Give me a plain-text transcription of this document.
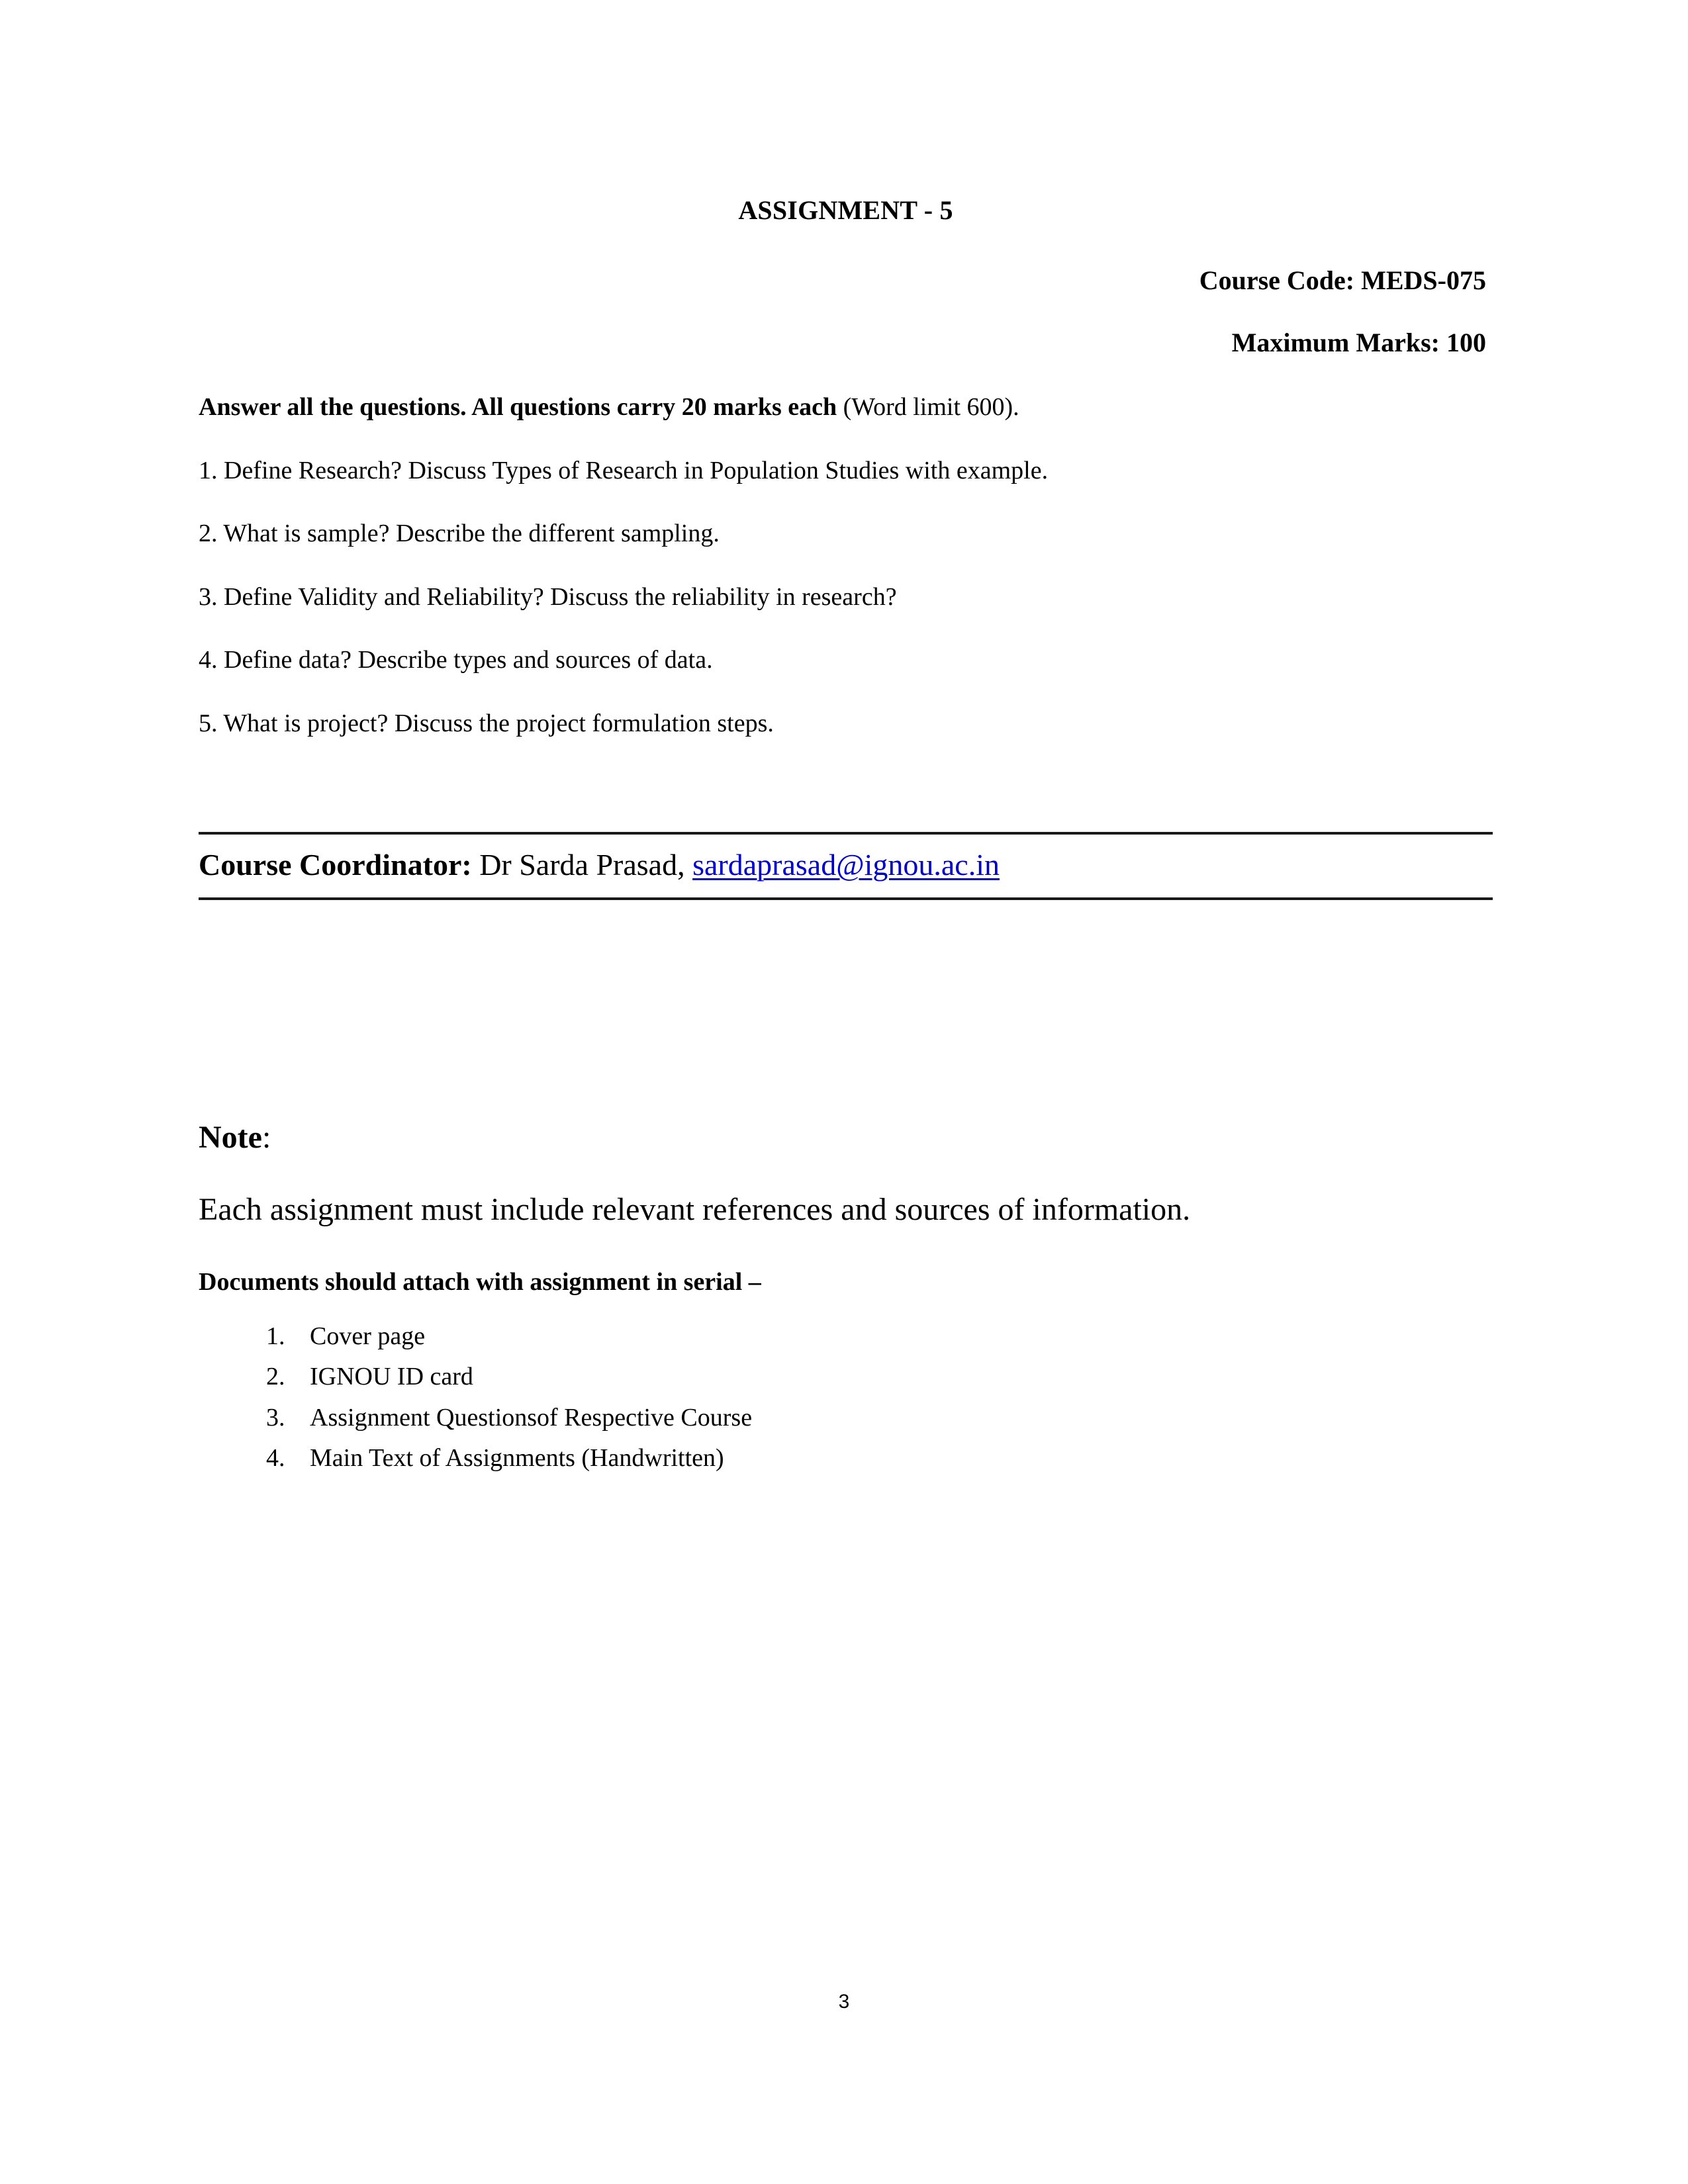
ASSIGNMENT - 5

Course Code: MEDS-075

Maximum Marks: 100

Answer all the questions. All questions carry 20 marks each (Word limit 600).

1. Define Research? Discuss Types of Research in Population Studies with example.

2. What is sample? Describe the different sampling.

3. Define Validity and Reliability? Discuss the reliability in research?

4. Define data? Describe types and sources of data.

5. What is project? Discuss the project formulation steps.

Course Coordinator: Dr Sarda Prasad, sardaprasad@ignou.ac.in

Note:

Each assignment must include relevant references and sources of information.

Documents should attach with assignment in serial –

1. Cover page
2. IGNOU ID card
3. Assignment Questionsof Respective Course
4. Main Text of Assignments (Handwritten)
3
